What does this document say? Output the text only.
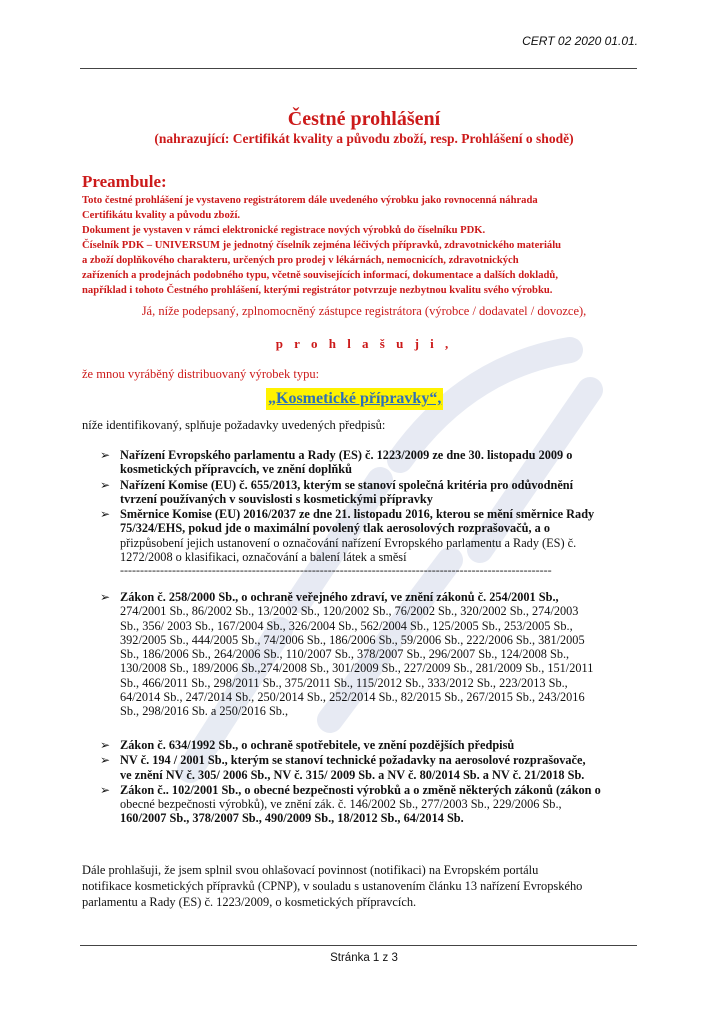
CERT 02 2020 01.01.
Čestné prohlášení
(nahrazující: Certifikát kvality a původu zboží, resp. Prohlášení o shodě)
Preambule:
Toto čestné prohlášení je vystaveno registrátorem dále uvedeného výrobku jako rovnocenná náhrada
Certifikátu kvality a původu zboží.
Dokument je vystaven v rámci elektronické registrace nových výrobků do číselníku PDK.
Číselník PDK – UNIVERSUM je jednotný číselník zejména léčivých přípravků, zdravotnického materiálu
a zboží doplňkového charakteru, určených pro prodej v lékárnách, nemocnicích, zdravotnických
zařízeních a prodejnách podobného typu, včetně souvisejících informací, dokumentace a dalších dokladů,
například i tohoto Čestného prohlášení, kterými registrátor potvrzuje nezbytnou kvalitu svého výrobku.
Já, níže podepsaný, zplnomocněný zástupce registrátora (výrobce / dodavatel / dovozce),
p r o h l a š u j i ,
že mnou vyráběný distribuovaný výrobek typu:
„Kosmetické přípravky“,
níže identifikovaný, splňuje požadavky uvedených předpisů:
➢ Nařízení Evropského parlamentu a Rady (ES) č. 1223/2009 ze dne 30. listopadu 2009 o
kosmetických přípravcích, ve znění doplňků
➢ Nařízení Komise (EU) č. 655/2013, kterým se stanoví společná kritéria pro odůvodnění
tvrzení používaných v souvislosti s kosmetickými přípravky
➢ Směrnice Komise (EU) 2016/2037 ze dne 21. listopadu 2016, kterou se mění směrnice Rady
75/324/EHS, pokud jde o maximální povolený tlak aerosolových rozprašovačů, a o
přizpůsobení jejich ustanovení o označování nařízení Evropského parlamentu a Rady (ES) č.
1272/2008 o klasifikaci, označování a balení látek a směsí
------------------------------------------------------------------------------------------------------------
➢ Zákon č. 258/2000 Sb., o ochraně veřejného zdraví, ve znění zákonů č. 254/2001 Sb.,
274/2001 Sb., 86/2002 Sb., 13/2002 Sb., 120/2002 Sb., 76/2002 Sb., 320/2002 Sb., 274/2003
Sb., 356/ 2003 Sb., 167/2004 Sb., 326/2004 Sb., 562/2004 Sb., 125/2005 Sb., 253/2005 Sb.,
392/2005 Sb., 444/2005 Sb., 74/2006 Sb., 186/2006 Sb., 59/2006 Sb., 222/2006 Sb., 381/2005
Sb., 186/2006 Sb., 264/2006 Sb., 110/2007 Sb., 378/2007 Sb., 296/2007 Sb., 124/2008 Sb.,
130/2008 Sb., 189/2006 Sb.,274/2008 Sb., 301/2009 Sb., 227/2009 Sb., 281/2009 Sb., 151/2011
Sb., 466/2011 Sb., 298/2011 Sb., 375/2011 Sb., 115/2012 Sb., 333/2012 Sb., 223/2013 Sb.,
64/2014 Sb., 247/2014 Sb., 250/2014 Sb., 252/2014 Sb., 82/2015 Sb., 267/2015 Sb., 243/2016
Sb., 298/2016 Sb. a 250/2016 Sb.,
➢ Zákon č. 634/1992 Sb., o ochraně spotřebitele, ve znění pozdějších předpisů
➢ NV č. 194 / 2001 Sb., kterým se stanoví technické požadavky na aerosolové rozprašovače,
ve znění NV č. 305/ 2006 Sb., NV č. 315/ 2009 Sb. a NV č. 80/2014 Sb. a NV č. 21/2018 Sb.
➢ Zákon č.. 102/2001 Sb., o obecné bezpečnosti výrobků a o změně některých zákonů (zákon o
obecné bezpečnosti výrobků), ve znění zák. č. 146/2002 Sb., 277/2003 Sb., 229/2006 Sb.,
160/2007 Sb., 378/2007 Sb., 490/2009 Sb., 18/2012 Sb., 64/2014 Sb.
Dále prohlašuji, že jsem splnil svou ohlašovací povinnost (notifikaci) na Evropském portálu
notifikace kosmetických přípravků (CPNP), v souladu s ustanovením článku 13 nařízení Evropského
parlamentu a Rady (ES) č. 1223/2009, o kosmetických přípravcích.
Stránka 1 z 3
